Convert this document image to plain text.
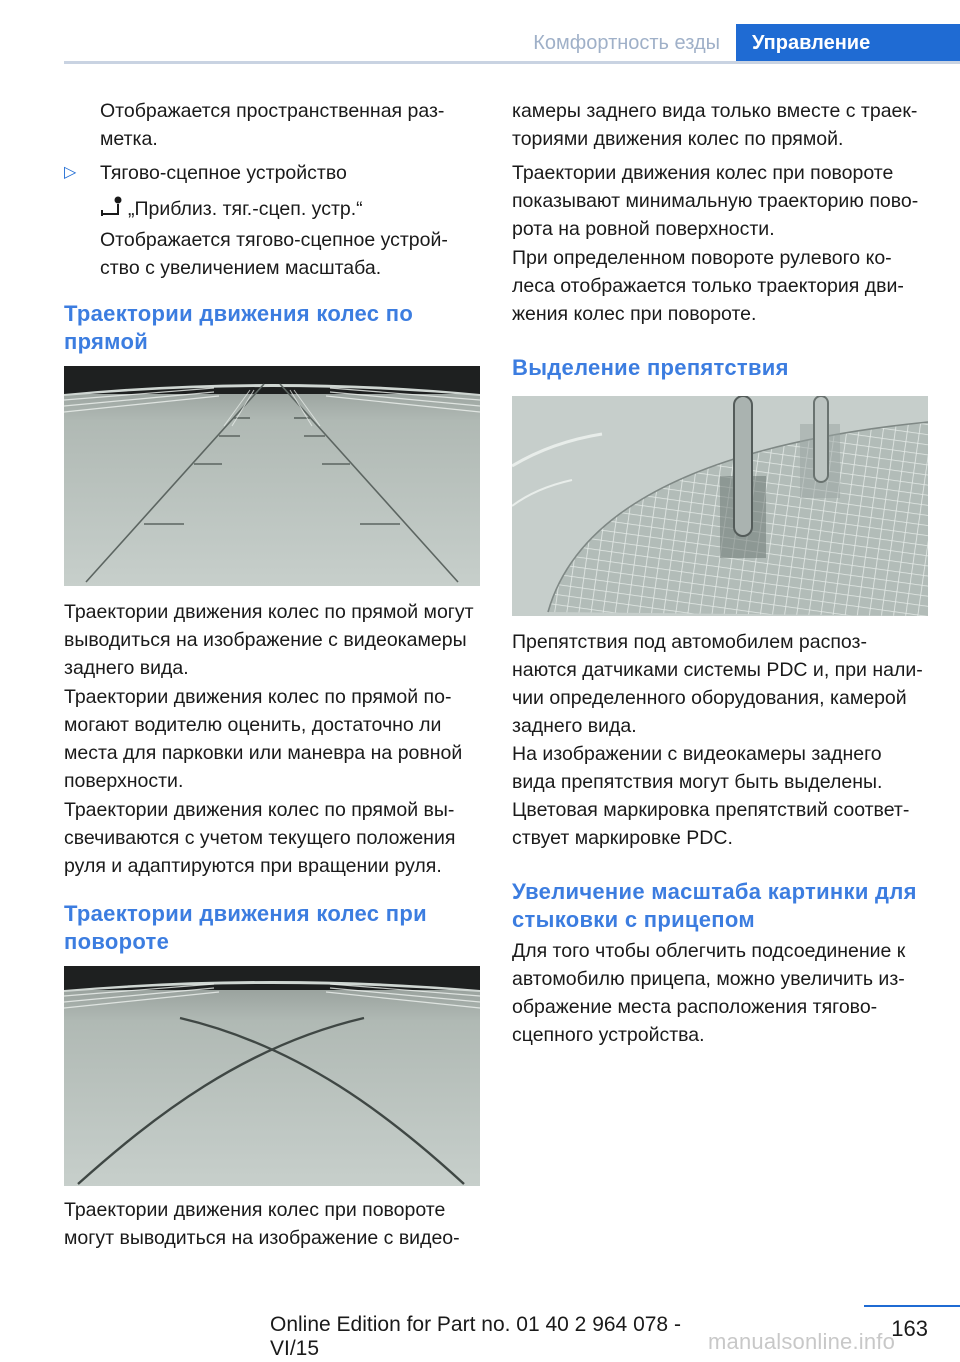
Комфортность езды	Управление

Отображается пространственная раз-

метка.

▷ Тягово-сцепное устройство

„Приблиз. тяг.-сцеп. устр.“

Отображается тягово-сцепное устрой-

ство с увеличением масштаба.

Траектории движения колес по
прямой

Траектории движения колес по прямой могут

выводиться на изображение с видеокамеры

заднего вида.

Траектории движения колес по прямой по-

могают водителю оценить, достаточно ли

места для парковки или маневра на ровной

поверхности.

Траектории движения колес по прямой вы-

свечиваются с учетом текущего положения

руля и адаптируются при вращении руля.

Траектории движения колес при
повороте

Траектории движения колес при повороте

могут выводиться на изображение с видео-

камеры заднего вида только вместе с траек-

ториями движения колес по прямой.

Траектории движения колес при повороте

показывают минимальную траекторию пово-

рота на ровной поверхности.

При определенном повороте рулевого ко-

леса отображается только траектория дви-

жения колес при повороте.

Выделение препятствия

Препятствия под автомобилем распоз-

наются датчиками системы PDC и, при нали-

чии определенного оборудования, камерой

заднего вида.

На изображении с видеокамеры заднего

вида препятствия могут быть выделены.

Цветовая маркировка препятствий соответ-

ствует маркировке PDC.

Увеличение масштаба картинки для
стыковки с прицепом

Для того чтобы облегчить подсоединение к

автомобилю прицепа, можно увеличить из-

ображение места расположения тягово-

сцепного устройства.

163
Online Edition for Part no. 01 40 2 964 078 - VI/15	manualsonline.info
